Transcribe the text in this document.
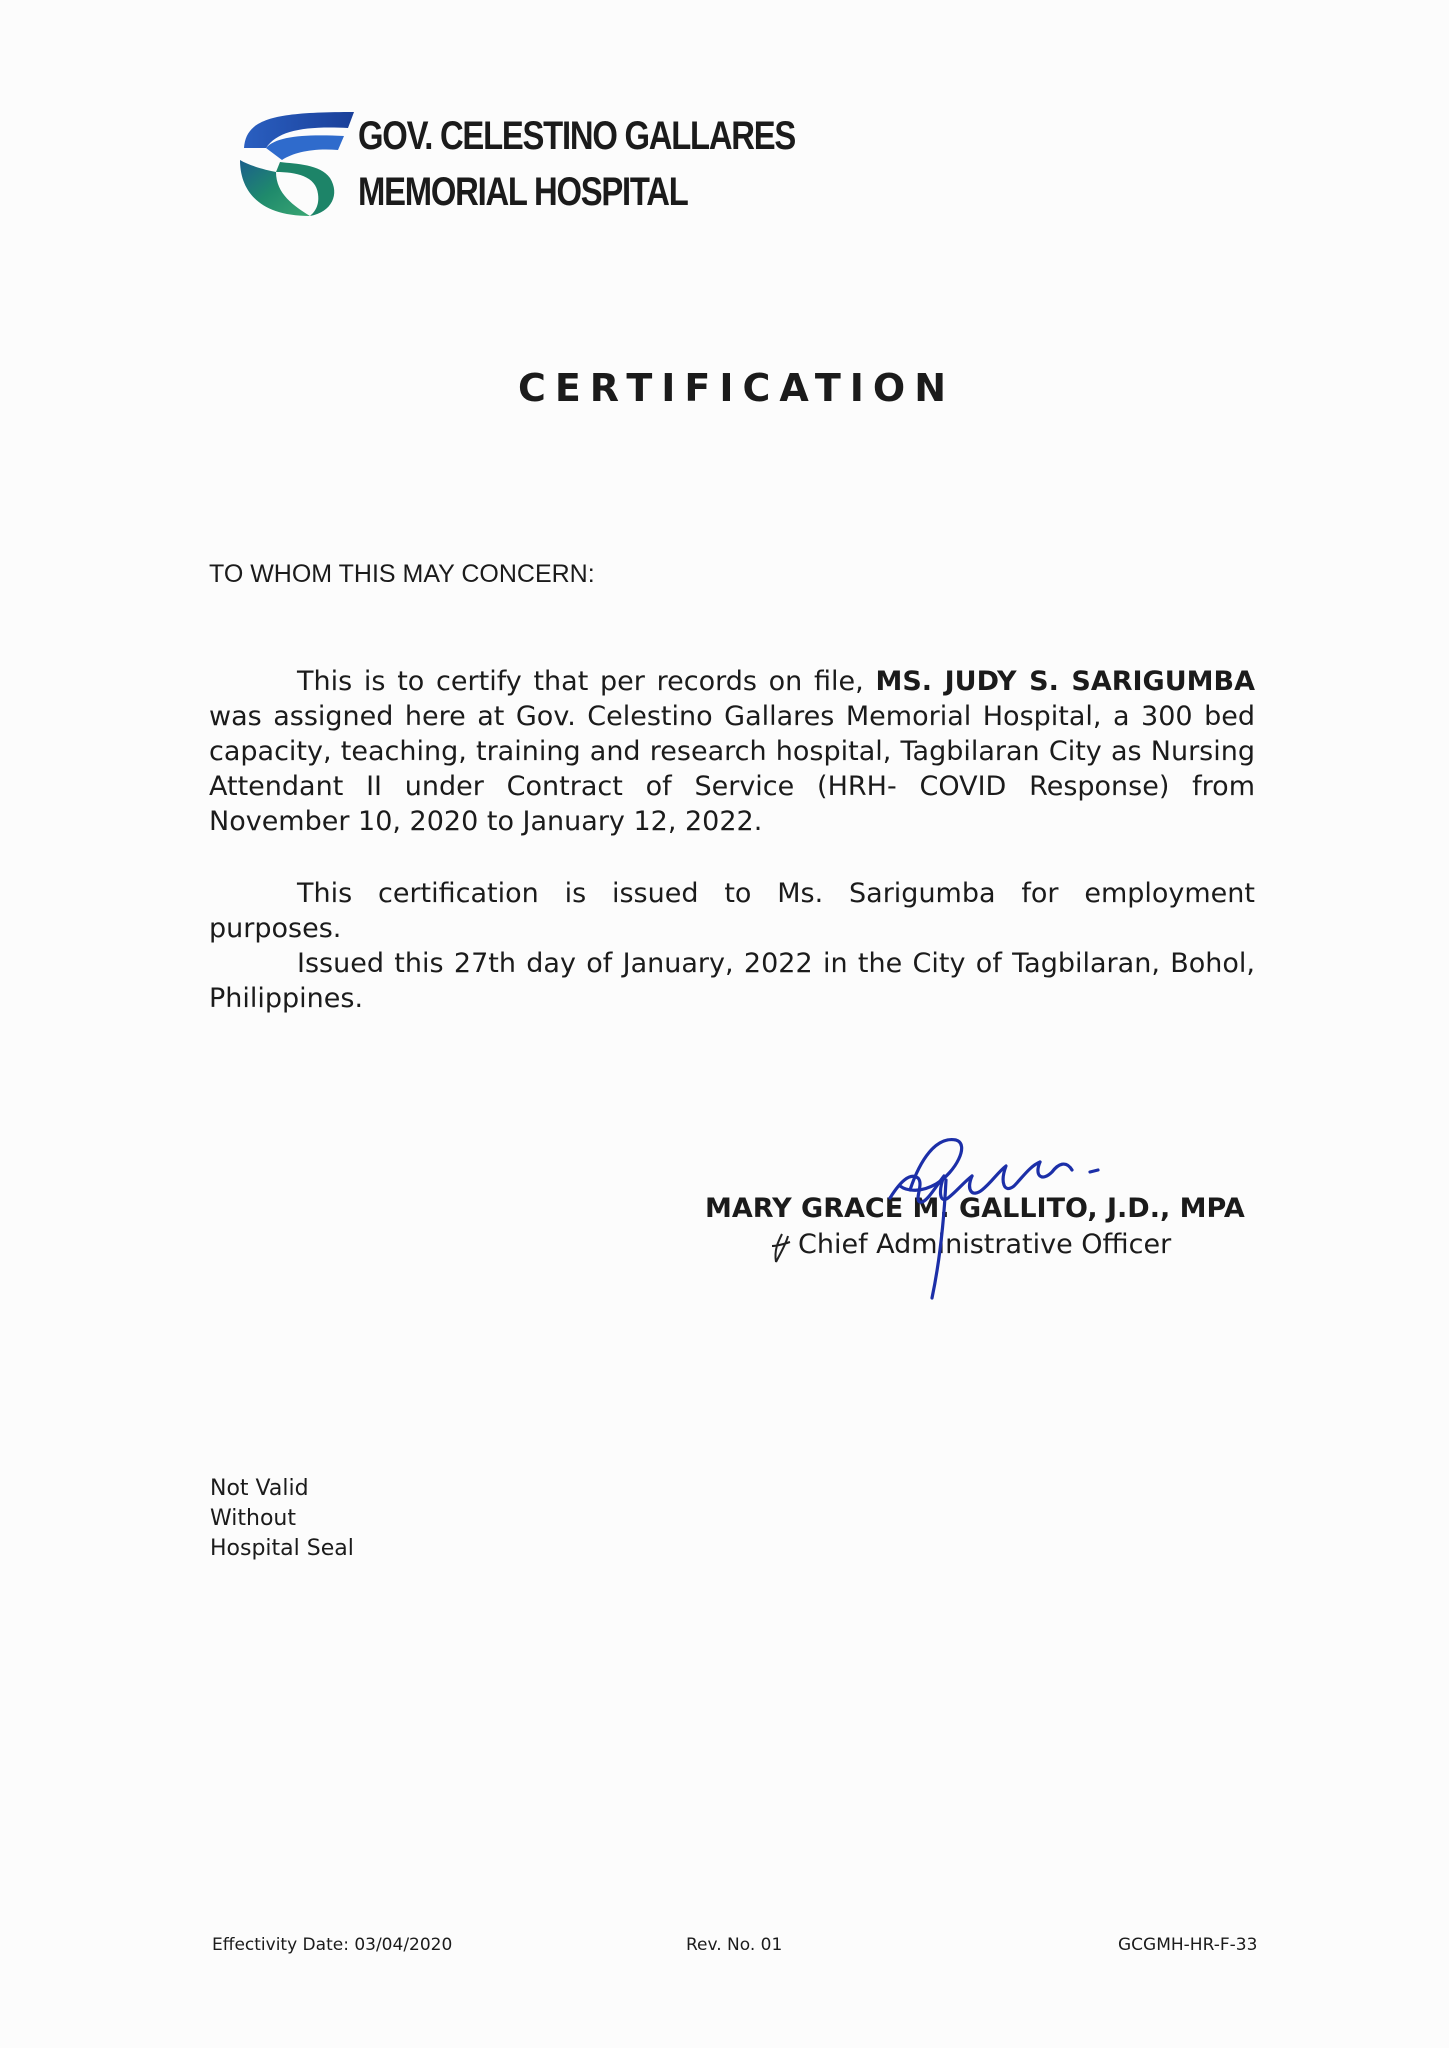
GOV. CELESTINO GALLARES
MEMORIAL HOSPITAL
CERTIFICATION
TO WHOM THIS MAY CONCERN:
This is to certify that per records on file, MS. JUDY S. SARIGUMBA was assigned here at Gov. Celestino Gallares Memorial Hospital, a 300 bed capacity, teaching, training and research hospital, Tagbilaran City as Nursing Attendant II under Contract of Service (HRH- COVID Response) from November 10, 2020 to January 12, 2022.
This certification is issued to Ms. Sarigumba for employment purposes.
Issued this 27th day of January, 2022 in the City of Tagbilaran, Bohol, Philippines.
MARY GRACE M. GALLITO, J.D., MPA
Chief Administrative Officer
Not Valid
Without
Hospital Seal
Effectivity Date: 03/04/2020	Rev. No. 01	GCGMH-HR-F-33
